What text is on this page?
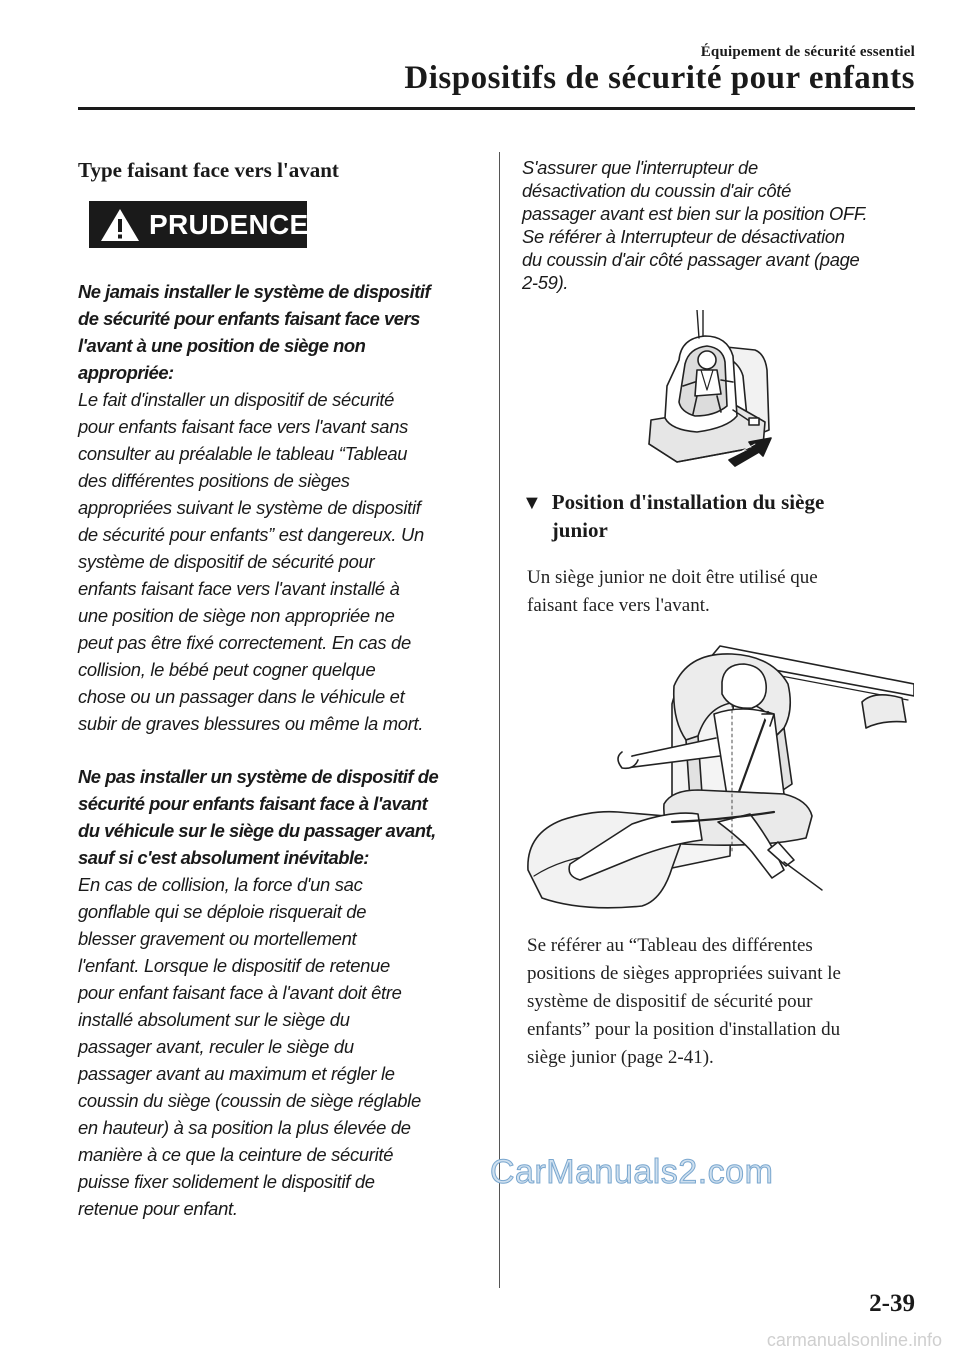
Équipement de sécurité essentiel
Dispositifs de sécurité pour enfants
Type faisant face vers l'avant
PRUDENCE

Ne jamais installer le système de dispositif

de sécurité pour enfants faisant face vers

l'avant à une position de siège non

appropriée:

Le fait d'installer un dispositif de sécurité

pour enfants faisant face vers l'avant sans

consulter au préalable le tableau “Tableau

des différentes positions de sièges

appropriées suivant le système de dispositif

de sécurité pour enfants” est dangereux. Un

système de dispositif de sécurité pour

enfants faisant face vers l'avant installé à

une position de siège non appropriée ne

peut pas être fixé correctement. En cas de

collision, le bébé peut cogner quelque

chose ou un passager dans le véhicule et

subir de graves blessures ou même la mort.

Ne pas installer un système de dispositif de

sécurité pour enfants faisant face à l'avant

du véhicule sur le siège du passager avant,

sauf si c'est absolument inévitable:

En cas de collision, la force d'un sac

gonflable qui se déploie risquerait de

blesser gravement ou mortellement

l'enfant. Lorsque le dispositif de retenue

pour enfant faisant face à l'avant doit être

installé absolument sur le siège du

passager avant, reculer le siège du

passager avant au maximum et régler le

coussin du siège (coussin de siège réglable

en hauteur) à sa position la plus élevée de

manière à ce que la ceinture de sécurité

puisse fixer solidement le dispositif de

retenue pour enfant.

S'assurer que l'interrupteur de

désactivation du coussin d'air côté

passager avant est bien sur la position OFF.

Se référer à Interrupteur de désactivation

du coussin d'air côté passager avant (page

2-59).

▼ Position d'installation du siège
junior
Un siège junior ne doit être utilisé que
faisant face vers l'avant.
Se référer au “Tableau des différentes
positions de sièges appropriées suivant le
système de dispositif de sécurité pour
enfants” pour la position d'installation du
siège junior (page 2-41).
CarManuals2.com
2-39
carmanualsonline.info
